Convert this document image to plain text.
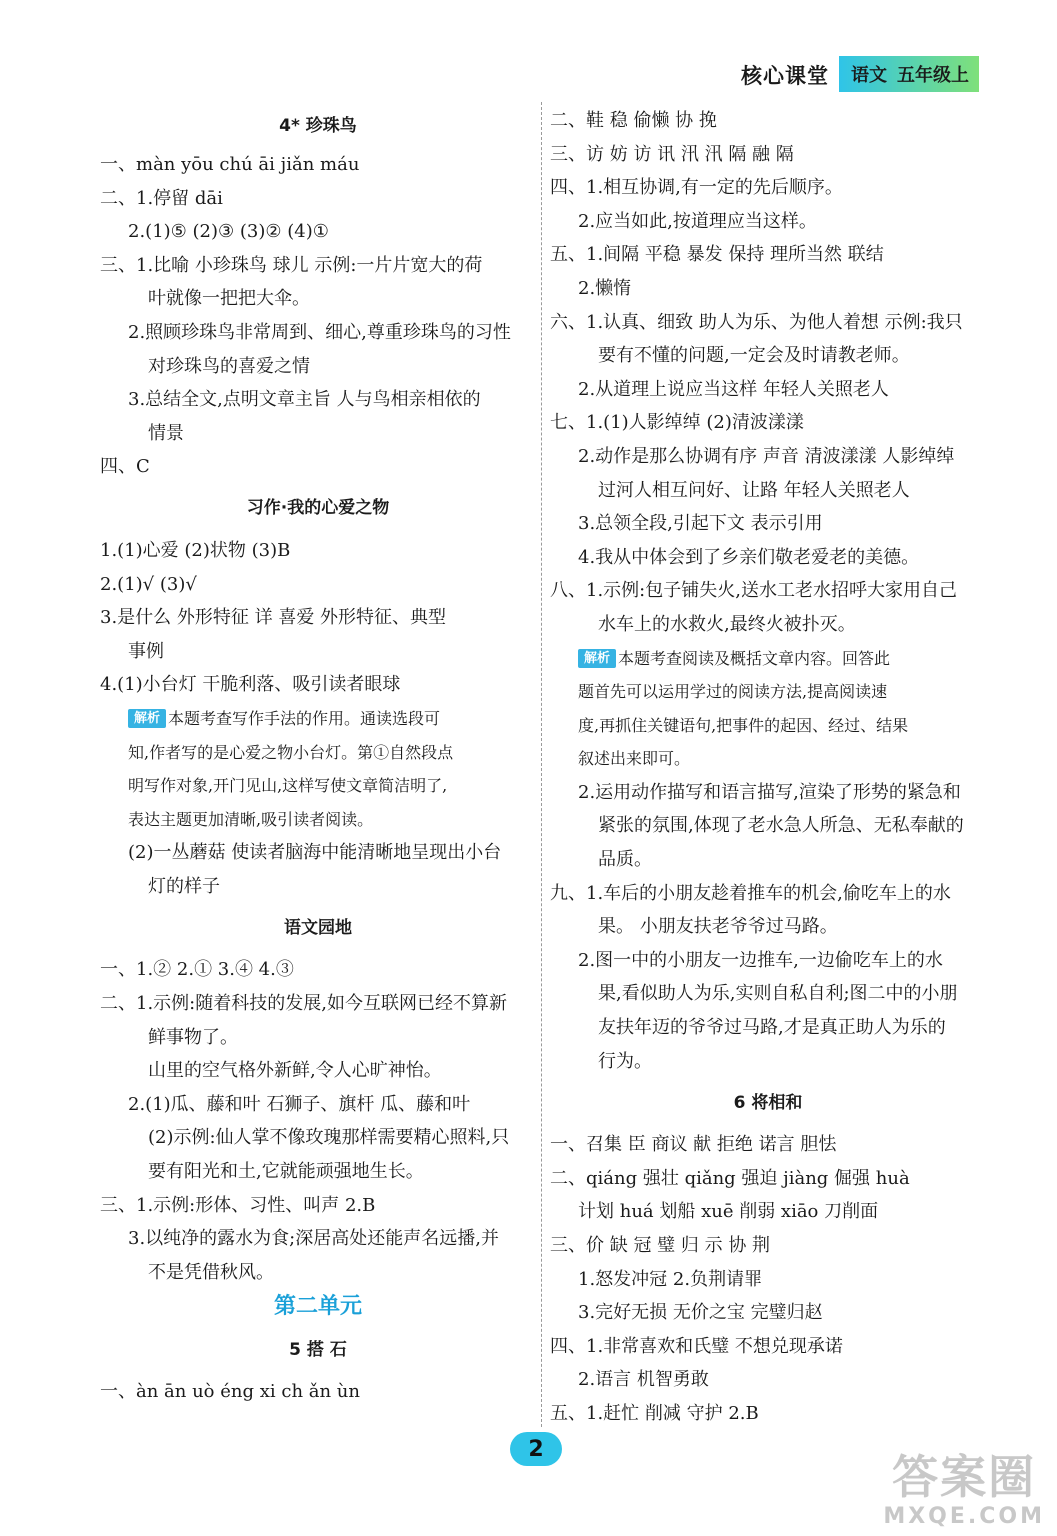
核心课堂	语文 五年级上
4* 珍珠鸟
一、màn yōu chú āi jiǎn máu
二、1.停留 dāi
2.(1)⑤ (2)③ (3)② (4)①
三、1.比喻 小珍珠鸟 球儿 示例:一片片宽大的荷
叶就像一把把大伞。
2.照顾珍珠鸟非常周到、细心,尊重珍珠鸟的习性
对珍珠鸟的喜爱之情
3.总结全文,点明文章主旨 人与鸟相亲相依的
情景
四、C
习作·我的心爱之物
1.(1)心爱 (2)状物 (3)B
2.(1)√ (3)√
3.是什么 外形特征 详 喜爱 外形特征、典型
事例
4.(1)小台灯 干脆利落、吸引读者眼球
解析 本题考查写作手法的作用。通读选段可
知,作者写的是心爱之物小台灯。第①自然段点
明写作对象,开门见山,这样写使文章简洁明了,
表达主题更加清晰,吸引读者阅读。
(2)一丛蘑菇 使读者脑海中能清晰地呈现出小台
灯的样子
语文园地
一、1.② 2.① 3.④ 4.③
二、1.示例:随着科技的发展,如今互联网已经不算新
鲜事物了。
山里的空气格外新鲜,令人心旷神怡。
2.(1)瓜、藤和叶 石狮子、旗杆 瓜、藤和叶
(2)示例:仙人掌不像玫瑰那样需要精心照料,只
要有阳光和土,它就能顽强地生长。
三、1.示例:形体、习性、叫声 2.B
3.以纯净的露水为食;深居高处还能声名远播,并
不是凭借秋风。
第二单元
5 搭 石
一、àn ān uò éng xi ch ǎn ùn
二、鞋 稳 偷懒 协 挽
三、访 妨 访 讯 汛 汛 隔 融 隔
四、1.相互协调,有一定的先后顺序。
2.应当如此,按道理应当这样。
五、1.间隔 平稳 暴发 保持 理所当然 联结
2.懒惰
六、1.认真、细致 助人为乐、为他人着想 示例:我只
要有不懂的问题,一定会及时请教老师。
2.从道理上说应当这样 年轻人关照老人
七、1.(1)人影绰绰 (2)清波漾漾
2.动作是那么协调有序 声音 清波漾漾 人影绰绰
过河人相互问好、让路 年轻人关照老人
3.总领全段,引起下文 表示引用
4.我从中体会到了乡亲们敬老爱老的美德。
八、1.示例:包子铺失火,送水工老水招呼大家用自己
水车上的水救火,最终火被扑灭。
解析 本题考查阅读及概括文章内容。回答此
题首先可以运用学过的阅读方法,提高阅读速
度,再抓住关键语句,把事件的起因、经过、结果
叙述出来即可。
2.运用动作描写和语言描写,渲染了形势的紧急和
紧张的氛围,体现了老水急人所急、无私奉献的
品质。
九、1.车后的小朋友趁着推车的机会,偷吃车上的水
果。 小朋友扶老爷爷过马路。
2.图一中的小朋友一边推车,一边偷吃车上的水
果,看似助人为乐,实则自私自利;图二中的小朋
友扶年迈的爷爷过马路,才是真正助人为乐的
行为。
6 将相和
一、召集 臣 商议 献 拒绝 诺言 胆怯
二、qiáng 强壮 qiǎng 强迫 jiàng 倔强 huà
计划 huá 划船 xuē 削弱 xiāo 刀削面
三、价 缺 冠 璧 归 示 协 荆
1.怒发冲冠 2.负荆请罪
3.完好无损 无价之宝 完璧归赵
四、1.非常喜欢和氏璧 不想兑现承诺
2.语言 机智勇敢
五、1.赶忙 削减 守护 2.B
2
答案圈
MXQE.COM
